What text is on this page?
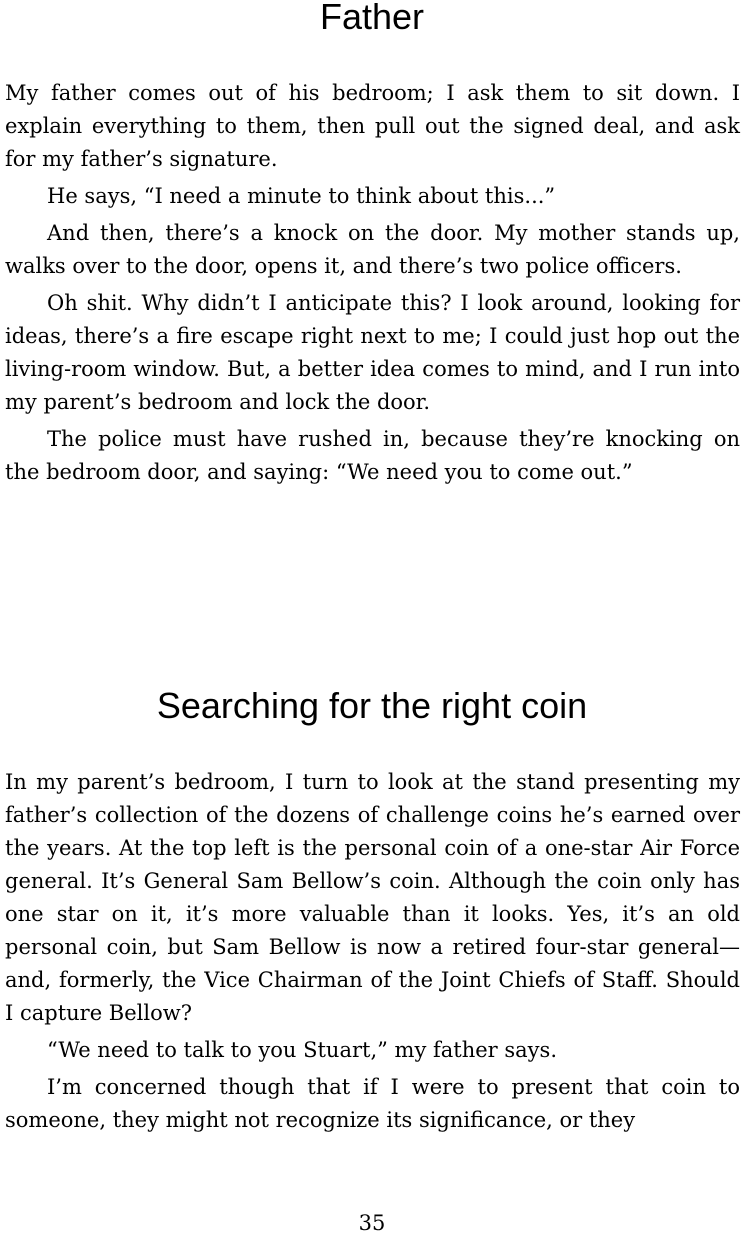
Father

My father comes out of his bedroom; I ask them to sit down. I explain everything to them, then pull out the signed deal, and ask for my father’s signature.

He says, “I need a minute to think about this...”

And then, there’s a knock on the door. My mother stands up, walks over to the door, opens it, and there’s two police officers.

Oh shit. Why didn’t I anticipate this? I look around, looking for ideas, there’s a fire escape right next to me; I could just hop out the living-room window. But, a better idea comes to mind, and I run into my parent’s bedroom and lock the door.

The police must have rushed in, because they’re knocking on the bedroom door, and saying: “We need you to come out.”

Searching for the right coin

In my parent’s bedroom, I turn to look at the stand presenting my father’s collection of the dozens of challenge coins he’s earned over the years. At the top left is the personal coin of a one-star Air Force general. It’s General Sam Bellow’s coin. Although the coin only has one star on it, it’s more valuable than it looks. Yes, it’s an old personal coin, but Sam Bellow is now a retired four-star general—and, formerly, the Vice Chairman of the Joint Chiefs of Staff. Should I capture Bellow?

“We need to talk to you Stuart,” my father says.

I’m concerned though that if I were to present that coin to someone, they might not recognize its significance, or they

35
